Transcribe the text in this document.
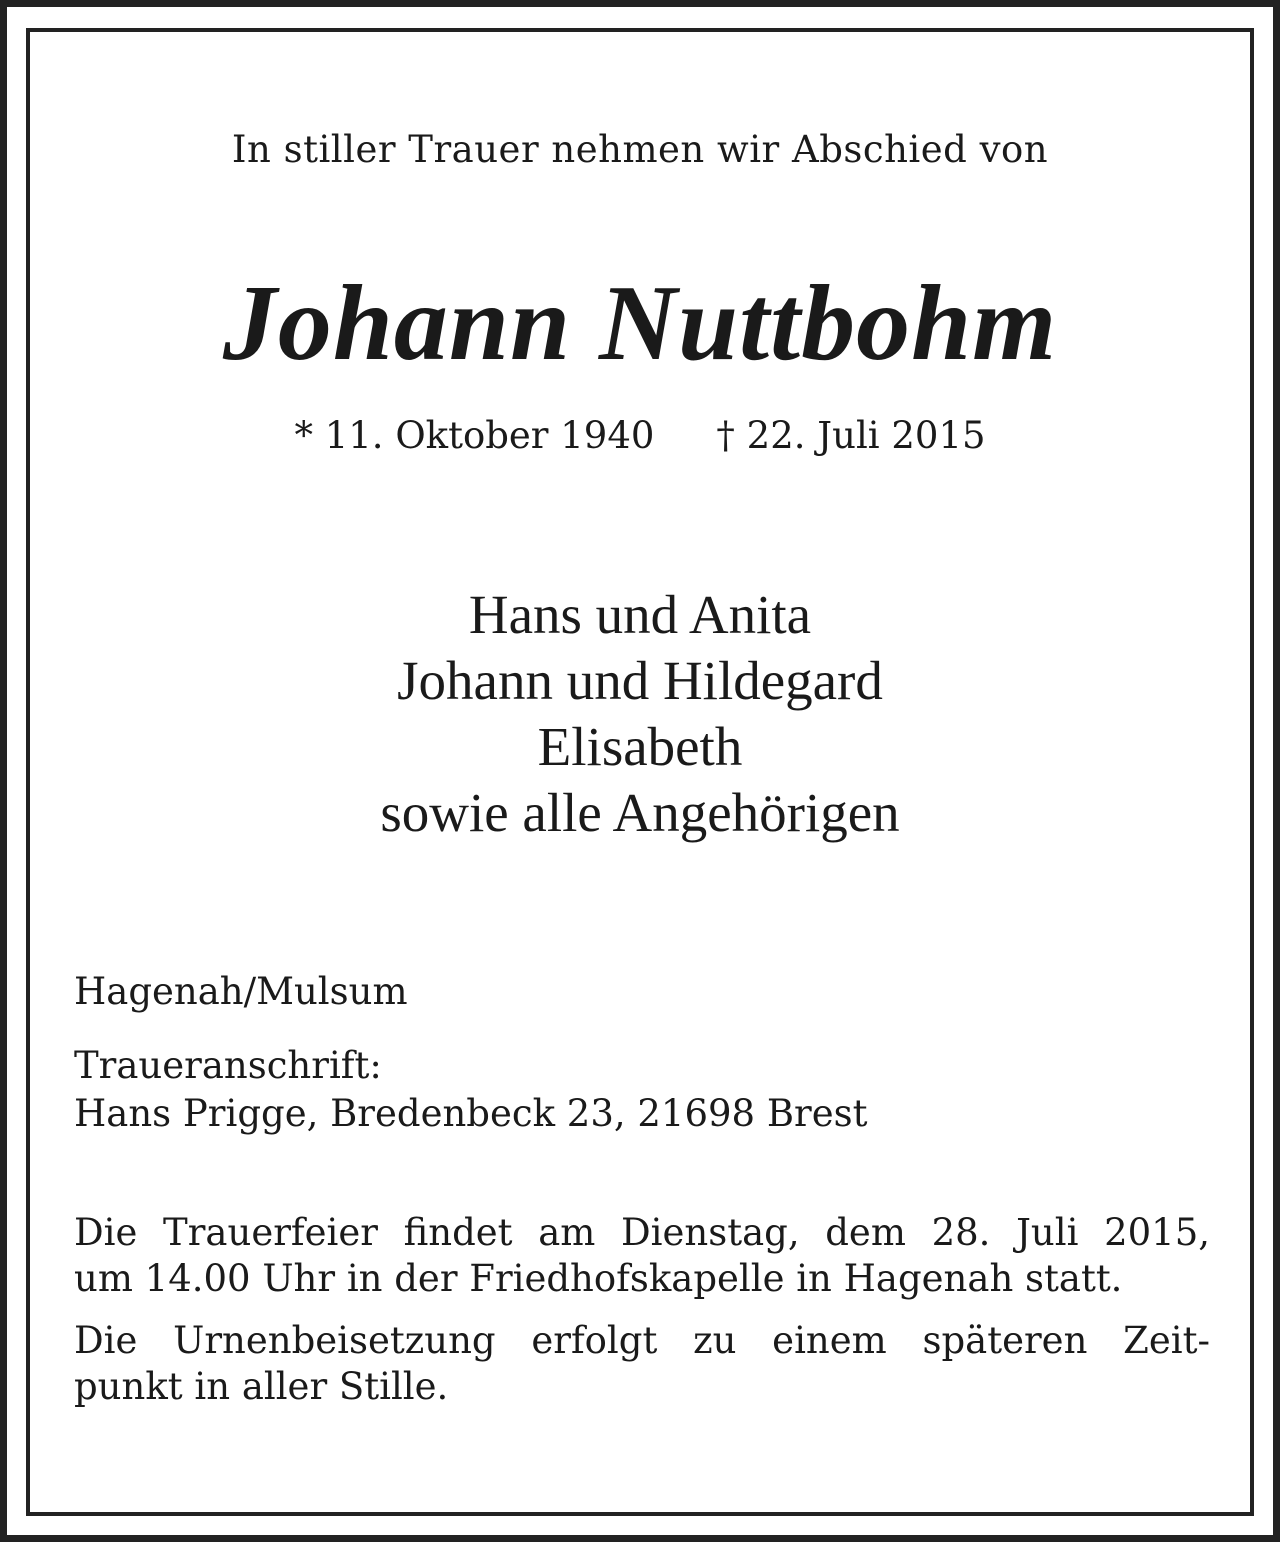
In stiller Trauer nehmen wir Abschied von
Johann Nuttbohm
* 11. Oktober 1940 † 22. Juli 2015
Hans und Anita
Johann und Hildegard
Elisabeth
sowie alle Angehörigen
Hagenah/Mulsum
Traueranschrift:
Hans Prigge, Bredenbeck 23, 21698 Brest
Die Trauerfeier findet am Dienstag, dem 28. Juli 2015,
um 14.00 Uhr in der Friedhofskapelle in Hagenah statt.
Die Urnenbeisetzung erfolgt zu einem späteren Zeit-
punkt in aller Stille.
